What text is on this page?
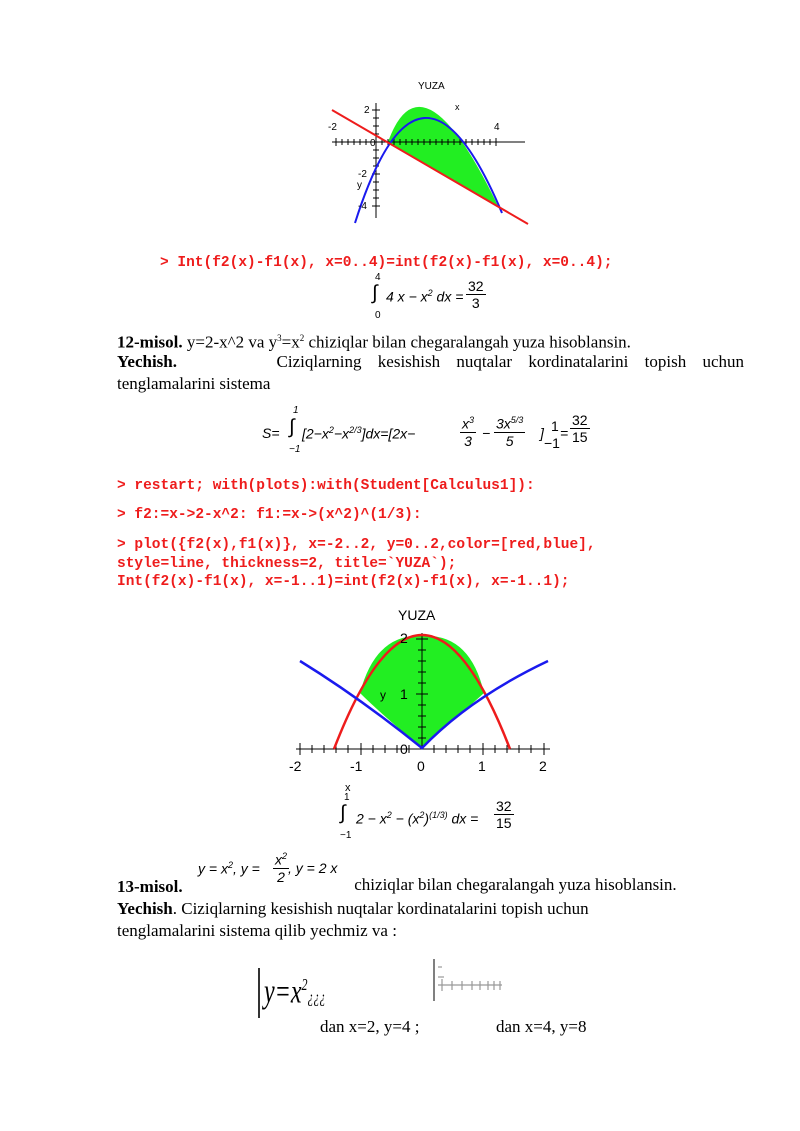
YUZA
-2	4
2
-2
-4
0
x
y
> Int(f2(x)-f1(x), x=0..4)=int(f2(x)-f1(x), x=0..4);
4
∫
0
4 $x - x^2$ dx = $\frac{32}{3}$
12-misol. y=2-x^2 va $y^3=x^2$ chiziqlar bilan chegaralangah yuza hisoblansin.
Yechish.	Ciziqlarning kesishish nuqtalar kordinatalarini topish uchun
tenglamalarini sistema
S=
1
∫
−1
$[2-x^2-x^{2/3}]dx=[2x-$	$\frac{x^3}{3} - \frac{3x^{5/3}}{5}$ ] 1
−1
= $\frac{32}{15}$
> restart; with(plots):with(Student[Calculus1]):
> f2:=x->2-x^2: f1:=x->(x^2)^(1/3):
> plot({f2(x),f1(x)}, x=-2..2, y=0..2,color=[red,blue],
style=line, thickness=2, title=`YUZA`);
Int(f2(x)-f1(x), x=-1..1)=int(f2(x)-f1(x), x=-1..1);
YUZA
2
1
0
-2	-1	0	1	2
y
x
1
∫
−1
$2 - x^2 - (x^2)^{(1/3)}$ dx = $\frac{32}{15}$
13-misol.
$y = x^2$, $y = \frac{x^2}{2}$
, y = 2 x
chiziqlar bilan chegaralangah yuza hisoblansin.
Yechish. Ciziqlarning kesishish nuqtalar kordinatalarini topish uchun
tenglamalarini sistema qilib yechmiz va :
$y=x^2¿¿¿$
dan x=2, y=4 ;	dan x=4, y=8
